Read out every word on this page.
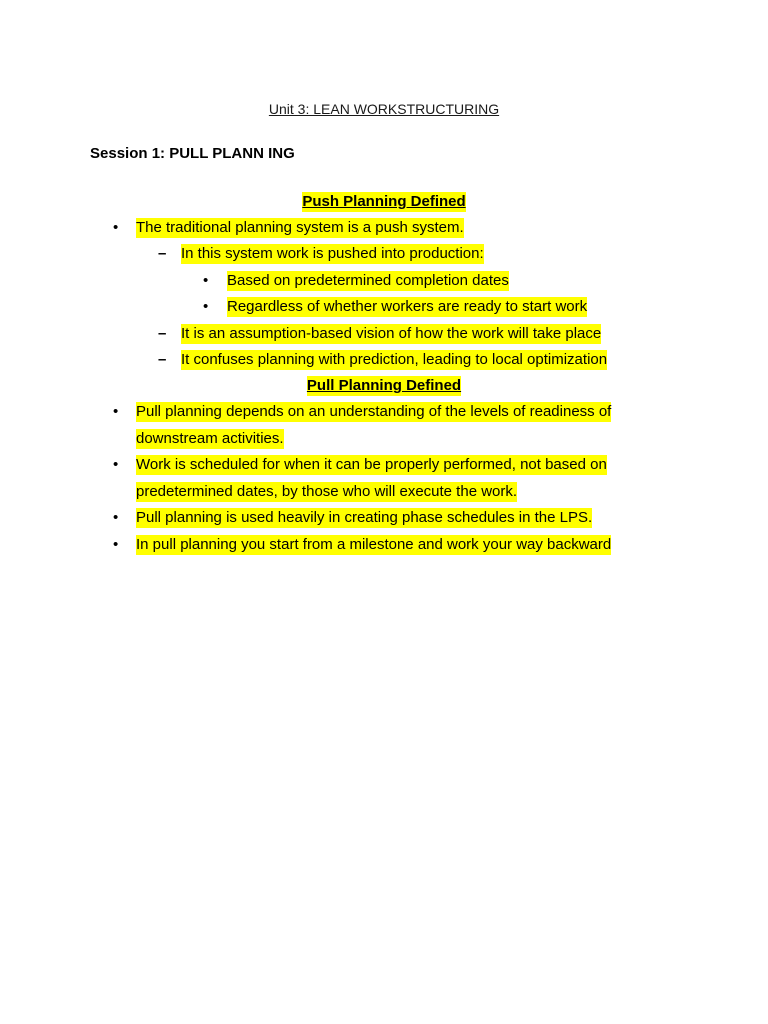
Unit 3: LEAN WORKSTRUCTURING
Session 1: PULL PLANN ING
Push Planning Defined
• The traditional planning system is a push system.
– In this system work is pushed into production:
• Based on predetermined completion dates
• Regardless of whether workers are ready to start work
– It is an assumption-based vision of how the work will take place
– It confuses planning with prediction, leading to local optimization
Pull Planning Defined
• Pull planning depends on an understanding of the levels of readiness of
downstream activities.
• Work is scheduled for when it can be properly performed, not based on
predetermined dates, by those who will execute the work.
• Pull planning is used heavily in creating phase schedules in the LPS.
• In pull planning you start from a milestone and work your way backward
